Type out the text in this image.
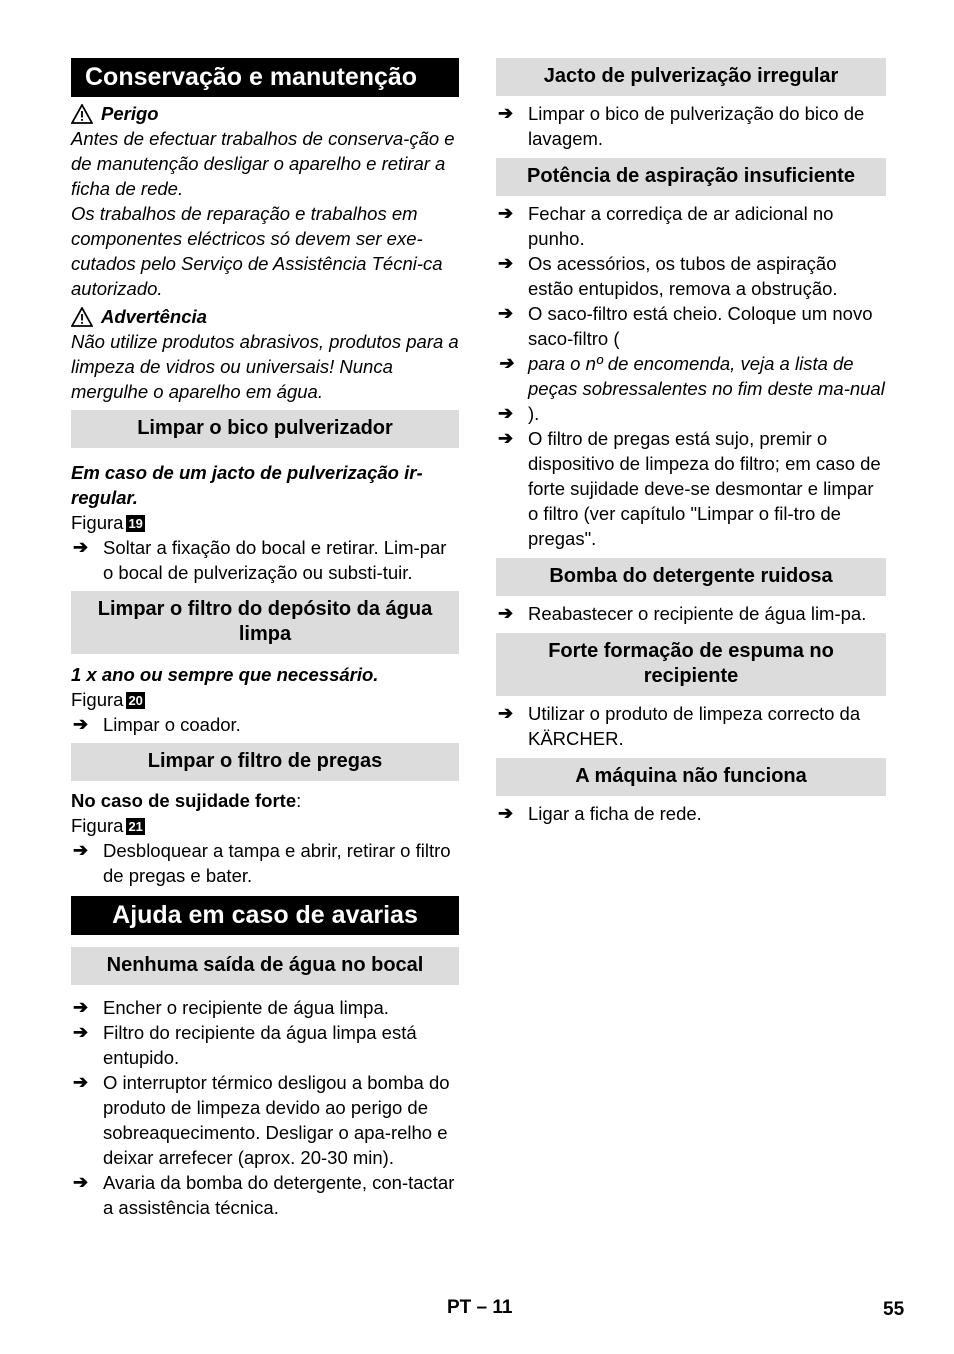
Conservação e manutenção
Perigo
Antes de efectuar trabalhos de conserva-ção e de manutenção desligar o aparelho e retirar a ficha de rede.
Os trabalhos de reparação e trabalhos em componentes eléctricos só devem ser exe-cutados pelo Serviço de Assistência Técni-ca autorizado.
Advertência
Não utilize produtos abrasivos, produtos para a limpeza de vidros ou universais! Nunca mergulhe o aparelho em água.
Limpar o bico pulverizador
Em caso de um jacto de pulverização ir-regular.
Figura 19
➔ Soltar a fixação do bocal e retirar. Lim-par o bocal de pulverização ou substi-tuir.
Limpar o filtro do depósito da água limpa
1 x ano ou sempre que necessário.
Figura 20
➔ Limpar o coador.
Limpar o filtro de pregas
No caso de sujidade forte:
Figura 21
➔ Desbloquear a tampa e abrir, retirar o filtro de pregas e bater.
Ajuda em caso de avarias
Nenhuma saída de água no bocal
➔ Encher o recipiente de água limpa.
➔ Filtro do recipiente da água limpa está entupido.
➔ O interruptor térmico desligou a bomba do produto de limpeza devido ao perigo de sobreaquecimento. Desligar o apa-relho e deixar arrefecer (aprox. 20-30 min).
➔ Avaria da bomba do detergente, con-tactar a assistência técnica.
Jacto de pulverização irregular
➔ Limpar o bico de pulverização do bico de lavagem.
Potência de aspiração insuficiente
➔ Fechar a corrediça de ar adicional no punho.
➔ Os acessórios, os tubos de aspiração estão entupidos, remova a obstrução.
➔ O saco-filtro está cheio. Coloque um novo saco-filtro (
➔ para o nº de encomenda, veja a lista de peças sobressalentes no fim deste ma-nual
➔ ).
➔ O filtro de pregas está sujo, premir o dispositivo de limpeza do filtro; em caso de forte sujidade deve-se desmontar e limpar o filtro (ver capítulo "Limpar o fil-tro de pregas".
Bomba do detergente ruidosa
➔ Reabastecer o recipiente de água lim-pa.
Forte formação de espuma no recipiente
➔ Utilizar o produto de limpeza correcto da KÄRCHER.
A máquina não funciona
➔ Ligar a ficha de rede.
PT – 11	55
